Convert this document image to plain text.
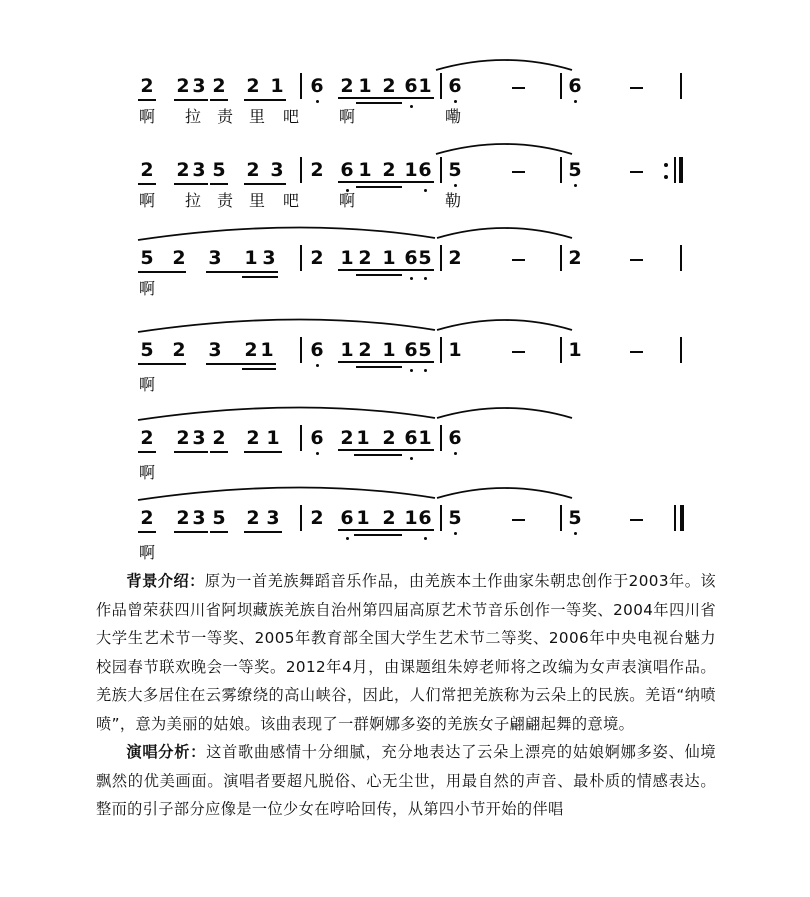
2 2 3 2 2 1 6 2 1 2 6 1 6	6
啊 拉 责 里 吧 啊	嘞
2 2 3 5 2 3 2 6 1 2 1 6 5	5
啊 拉 责 里 吧 啊	勒
5 2 3 1 3 2 1 2 1 6 5 2	2
啊
5 2 3 2 1 6 1 2 1 6 5 1	1
啊
2 2 3 2 2 1 6 2 1 2 6 1 6
啊
2 2 3 5 2 3 2 6 1 2 1 6 5	5
啊

背景介绍：原为一首羌族舞蹈音乐作品，由羌族本土作曲家朱朝忠创作于2003年。该作品曾荣获四川省阿坝藏族羌族自治州第四届高原艺术节音乐创作一等奖、2004年四川省大学生艺术节一等奖、2005年教育部全国大学生艺术节二等奖、2006年中央电视台魅力校园春节联欢晚会一等奖。2012年4月，由课题组朱婷老师将之改编为女声表演唱作品。羌族大多居住在云雾缭绕的高山峡谷，因此，人们常把羌族称为云朵上的民族。羌语“纳喷喷”，意为美丽的姑娘。该曲表现了一群婀娜多姿的羌族女子翩翩起舞的意境。

演唱分析：这首歌曲感情十分细腻，充分地表达了云朵上漂亮的姑娘婀娜多姿、仙境飘然的优美画面。演唱者要超凡脱俗、心无尘世，用最自然的声音、最朴质的情感表达。整而的引子部分应像是一位少女在哼哈回传，从第四小节开始的伴唱
